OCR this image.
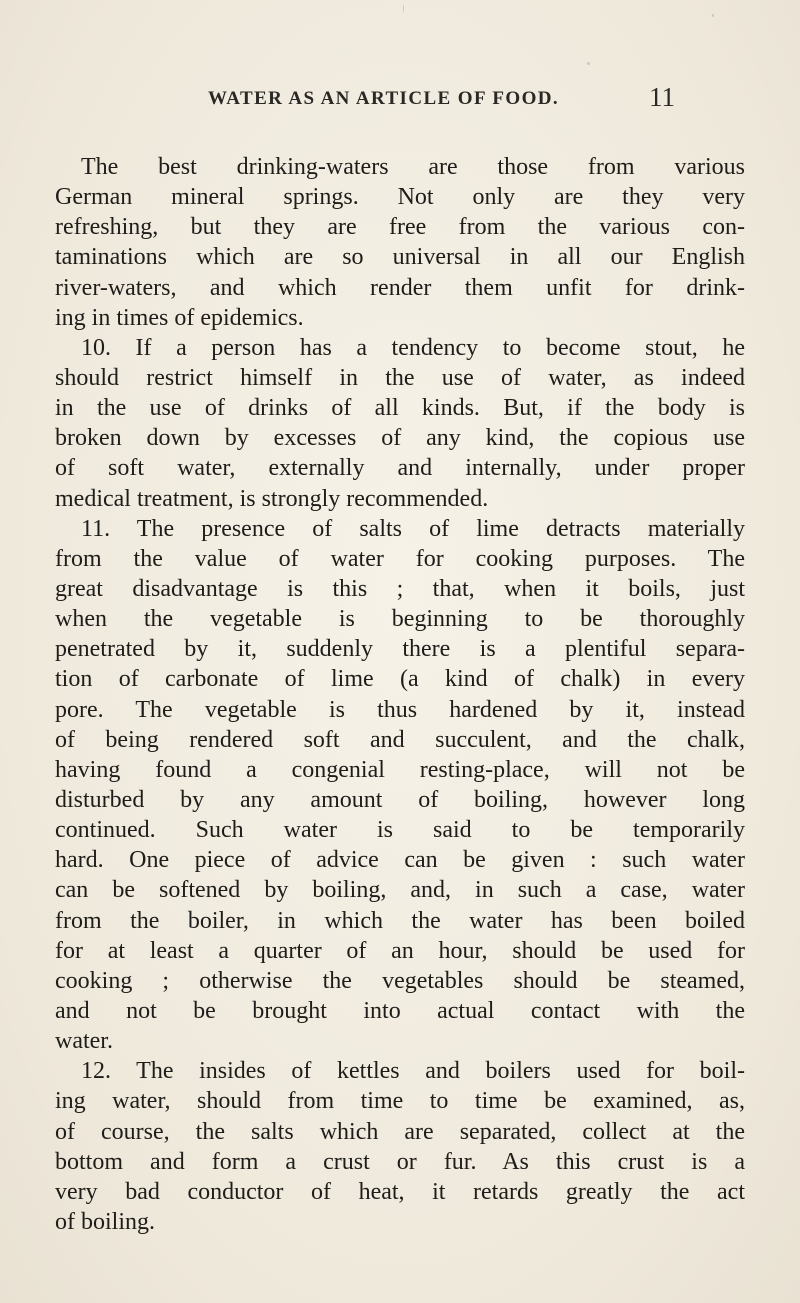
WATER AS AN ARTICLE OF FOOD.	11
The best drinking-waters are those from various
German mineral springs. Not only are they very
refreshing, but they are free from the various con-
taminations which are so universal in all our English
river-waters, and which render them unfit for drink-
ing in times of epidemics.
10. If a person has a tendency to become stout, he
should restrict himself in the use of water, as indeed
in the use of drinks of all kinds. But, if the body is
broken down by excesses of any kind, the copious use
of soft water, externally and internally, under proper
medical treatment, is strongly recommended.
11. The presence of salts of lime detracts materially
from the value of water for cooking purposes. The
great disadvantage is this ; that, when it boils, just
when the vegetable is beginning to be thoroughly
penetrated by it, suddenly there is a plentiful separa-
tion of carbonate of lime (a kind of chalk) in every
pore. The vegetable is thus hardened by it, instead
of being rendered soft and succulent, and the chalk,
having found a congenial resting-place, will not be
disturbed by any amount of boiling, however long
continued. Such water is said to be temporarily
hard. One piece of advice can be given : such water
can be softened by boiling, and, in such a case, water
from the boiler, in which the water has been boiled
for at least a quarter of an hour, should be used for
cooking ; otherwise the vegetables should be steamed,
and not be brought into actual contact with the
water.
12. The insides of kettles and boilers used for boil-
ing water, should from time to time be examined, as,
of course, the salts which are separated, collect at the
bottom and form a crust or fur. As this crust is a
very bad conductor of heat, it retards greatly the act
of boiling.
